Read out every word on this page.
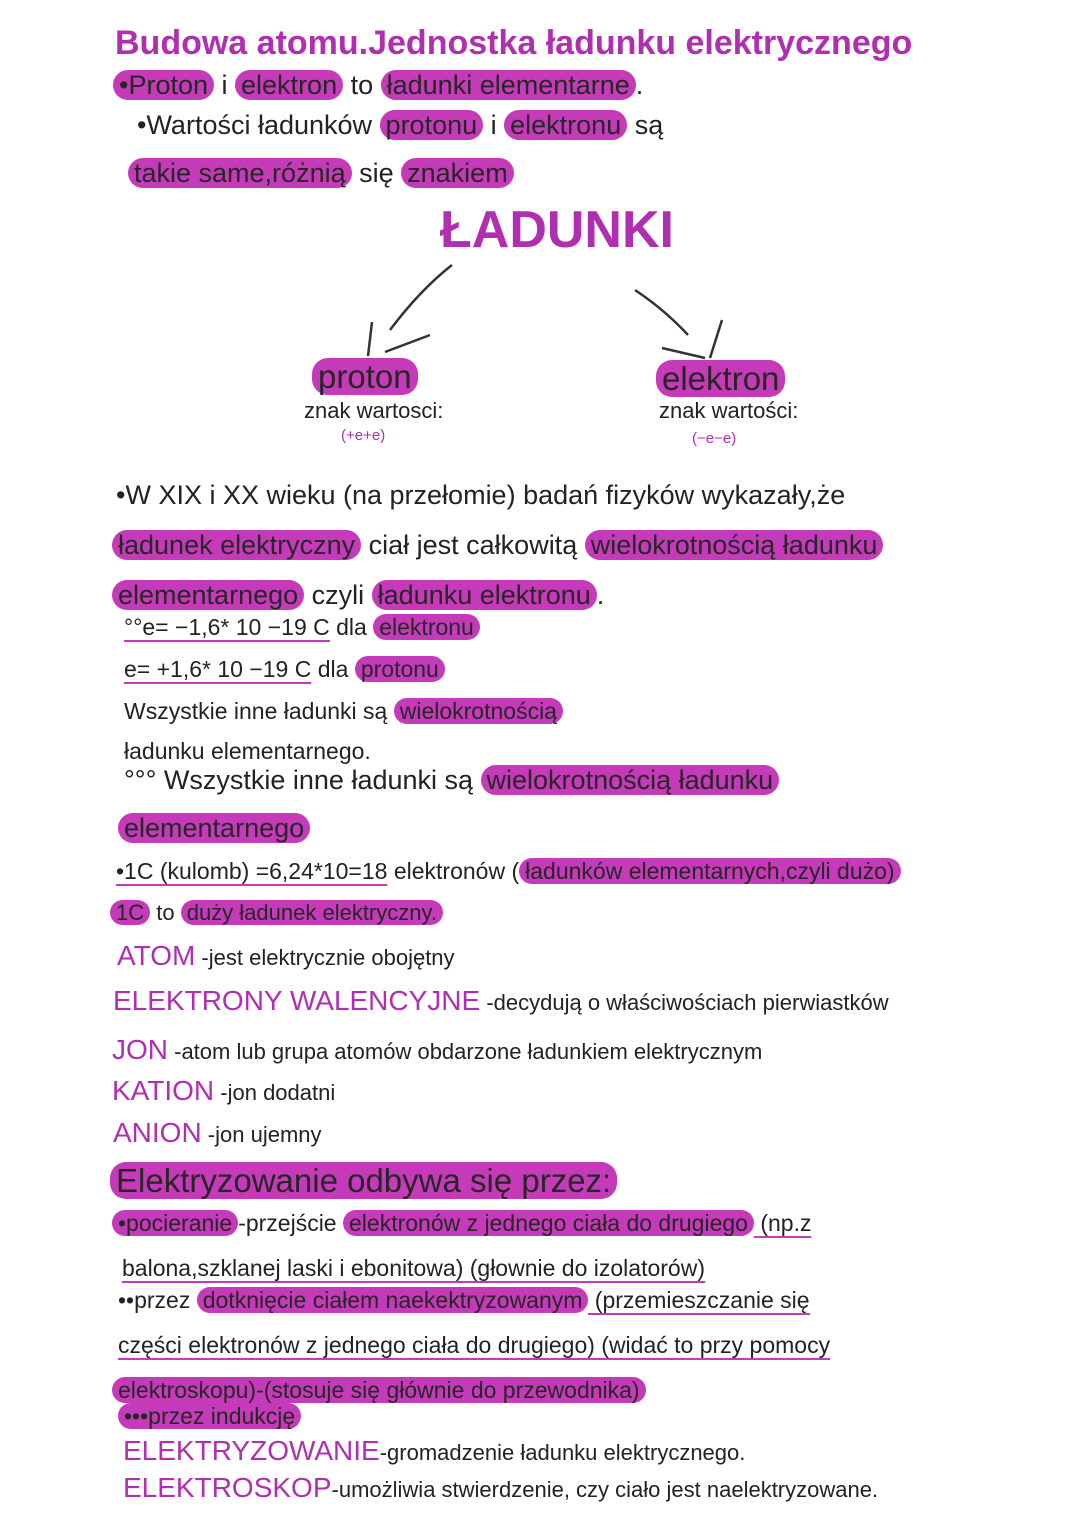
Budowa atomu.Jednostka ładunku elektrycznego
•Proton i elektron to ładunki elementarne .
•Wartości ładunków protonu i elektronu są
takie same,różnią się znakiem
ŁADUNKI
proton
znak wartosci:
(+e+e)
elektron
znak wartości:
(−e−e)
•W XIX i XX wieku (na przełomie) badań fizyków wykazały,że
ładunek elektryczny ciał jest całkowitą wielokrotnością ładunku
elementarnego czyli ładunku elektronu .
°°e= −1,6* 10 −19 C dla elektronu
e= +1,6* 10 −19 C dla protonu
Wszystkie inne ładunki są wielokrotnością
ładunku elementarnego.
°°° Wszystkie inne ładunki są wielokrotnością ładunku
elementarnego
•1C (kulomb) =6,24*10=18 elektronów ( ładunków elementarnych,czyli dużo)
1C to duży ładunek elektryczny.
ATOM -jest elektrycznie obojętny
ELEKTRONY WALENCYJNE -decydują o właściwościach pierwiastków
JON -atom lub grupa atomów obdarzone ładunkiem elektrycznym
KATION -jon dodatni
ANION -jon ujemny
Elektryzowanie odbywa się przez:
•pocieranie -przejście elektronów z jednego ciała do drugiego (np.z
balona,szklanej laski i ebonitowa) (głownie do izolatorów)
••przez dotknięcie ciałem naekektryzowanym (przemieszczanie się
części elektronów z jednego ciała do drugiego) (widać to przy pomocy
elektroskopu)-(stosuje się głównie do przewodnika)
•••przez indukcję
ELEKTRYZOWANIE-gromadzenie ładunku elektrycznego.
ELEKTROSKOP-umożliwia stwierdzenie, czy ciało jest naelektryzowane.
